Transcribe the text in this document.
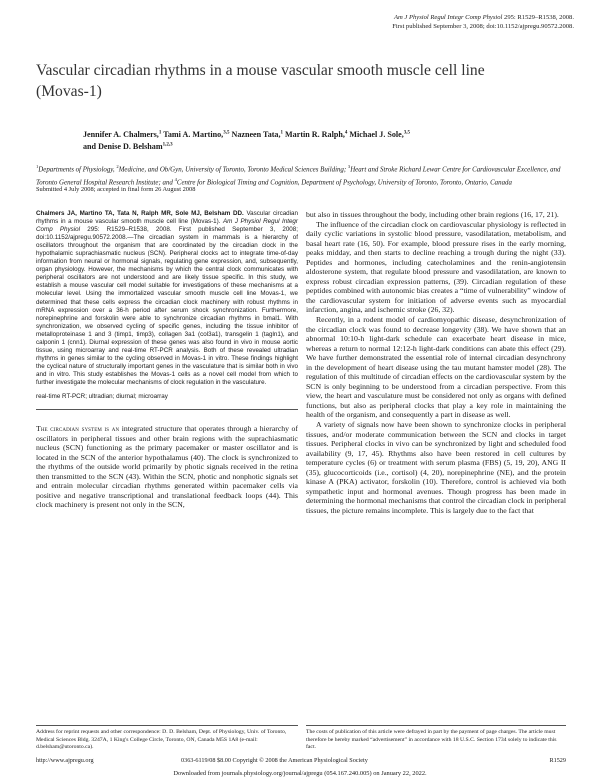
Am J Physiol Regul Integr Comp Physiol 295: R1529–R1538, 2008.
First published September 3, 2008; doi:10.1152/ajpregu.90572.2008.
Vascular circadian rhythms in a mouse vascular smooth muscle cell line (Movas-1)
Jennifer A. Chalmers,$^1$ Tami A. Martino,$^{3,5}$ Nazneen Tata,$^1$ Martin R. Ralph,$^4$ Michael J. Sole,$^{3,5}$
and Denise D. Belsham$^{1,2,3}$
$^1$Departments of Physiology, $^2$Medicine, and Ob/Gyn, University of Toronto, Toronto Medical Sciences Building; $^3$Heart and Stroke Richard Lewar Centre for Cardiovascular Excellence, and Toronto General Hospital Research Institute; and $^4$Centre for Biological Timing and Cognition, Department of Psychology, University of Toronto, Toronto, Ontario, Canada
Submitted 4 July 2008; accepted in final form 26 August 2008

Chalmers JA, Martino TA, Tata N, Ralph MR, Sole MJ, Belsham DD. Vascular circadian rhythms in a mouse vascular smooth muscle cell line (Movas-1). Am J Physiol Regul Integr Comp Physiol 295: R1529–R1538, 2008. First published September 3, 2008; doi:10.1152/ajpregu.90572.2008.—The circadian system in mammals is a hierarchy of oscillators throughout the organism that are coordinated by the circadian clock in the hypothalamic suprachiasmatic nucleus (SCN). Peripheral clocks act to integrate time-of-day information from neural or hormonal signals, regulating gene expression, and, subsequently, organ physiology. However, the mechanisms by which the central clock communicates with peripheral oscillators are not understood and are likely tissue specific. In this study, we establish a mouse vascular cell model suitable for investigations of these mechanisms at a molecular level. Using the immortalized vascular smooth muscle cell line Movas-1, we determined that these cells express the circadian clock machinery with robust rhythms in mRNA expression over a 36-h period after serum shock synchronization. Furthermore, norepinephrine and forskolin were able to synchronize circadian rhythms in bmal1. With synchronization, we observed cycling of specific genes, including the tissue inhibitor of metalloproteinase 1 and 3 (timp1, timp3), collagen 3a1 (col3a1), transgelin 1 (tagln1), and calponin 1 (cnn1). Diurnal expression of these genes was also found in vivo in mouse aortic tissue, using microarray and real-time RT-PCR analysis. Both of these revealed ultradian rhythms in genes similar to the cycling observed in Movas-1 in vitro. These findings highlight the cyclical nature of structurally important genes in the vasculature that is similar both in vivo and in vitro. This study establishes the Movas-1 cells as a novel cell model from which to further investigate the molecular mechanisms of clock regulation in the vasculature.

real-time RT-PCR; ultradian; diurnal; microarray

The circadian system is an integrated structure that operates through a hierarchy of oscillators in peripheral tissues and other brain regions with the suprachiasmatic nucleus (SCN) functioning as the primary pacemaker or master oscillator and is located in the SCN of the anterior hypothalamus (40). The clock is synchronized to the rhythms of the outside world primarily by photic signals received in the retina then transmitted to the SCN (43). Within the SCN, photic and nonphotic signals set and entrain molecular circadian rhythms generated within pacemaker cells via positive and negative transcriptional and translational feedback loops (44). This clock machinery is present not only in the SCN,

but also in tissues throughout the body, including other brain regions (16, 17, 21).

The influence of the circadian clock on cardiovascular physiology is reflected in daily cyclic variations in systolic blood pressure, vasodilatation, metabolism, and basal heart rate (16, 50). For example, blood pressure rises in the early morning, peaks midday, and then starts to decline reaching a trough during the night (33). Peptides and hormones, including catecholamines and the renin-angiotensin aldosterone system, that regulate blood pressure and vasodilatation, are known to express robust circadian expression patterns, (39). Circadian regulation of these peptides combined with autonomic bias creates a “time of vulnerability” window of the cardiovascular system for initiation of adverse events such as myocardial infarction, angina, and ischemic stroke (26, 32).

Recently, in a rodent model of cardiomyopathic disease, desynchronization of the circadian clock was found to decrease longevity (38). We have shown that an abnormal 10:10-h light-dark schedule can exacerbate heart disease in mice, whereas a return to normal 12:12-h light-dark conditions can abate this effect (29). We have further demonstrated the essential role of internal circadian desynchrony in the development of heart disease using the tau mutant hamster model (28). The regulation of this multitude of circadian effects on the cardiovascular system by the SCN is only beginning to be understood from a circadian perspective. From this view, the heart and vasculature must be considered not only as organs with defined functions, but also as peripheral clocks that play a key role in maintaining the health of the organism, and consequently a part in disease as well.

A variety of signals now have been shown to synchronize clocks in peripheral tissues, and/or moderate communication between the SCN and clocks in target tissues. Peripheral clocks in vivo can be synchronized by light and scheduled food availability (9, 17, 45). Rhythms also have been restored in cell cultures by temperature cycles (6) or treatment with serum plasma (FBS) (5, 19, 20), ANG II (35), glucocorticoids (i.e., cortisol) (4, 20), norepinephrine (NE), and the protein kinase A (PKA) activator, forskolin (10). Therefore, control is achieved via both sympathetic input and hormonal avenues. Though progress has been made in determining the hormonal mechanisms that control the circadian clock in peripheral tissues, the picture remains incomplete. This is largely due to the fact that

Address for reprint requests and other correspondence: D. D. Belsham, Dept. of Physiology, Univ. of Toronto, Medical Sciences Bldg. 3247A, 1 King's College Circle, Toronto, ON, Canada M5S 1A8 (e-mail: d.belsham@utoronto.ca).
The costs of publication of this article were defrayed in part by the payment of page charges. The article must therefore be hereby marked “advertisement” in accordance with 18 U.S.C. Section 1734 solely to indicate this fact.
http://www.ajpregu.org	0363-6119/08 $8.00 Copyright © 2008 the American Physiological Society	R1529
Downloaded from journals.physiology.org/journal/ajpregu (054.167.240.005) on January 22, 2022.
